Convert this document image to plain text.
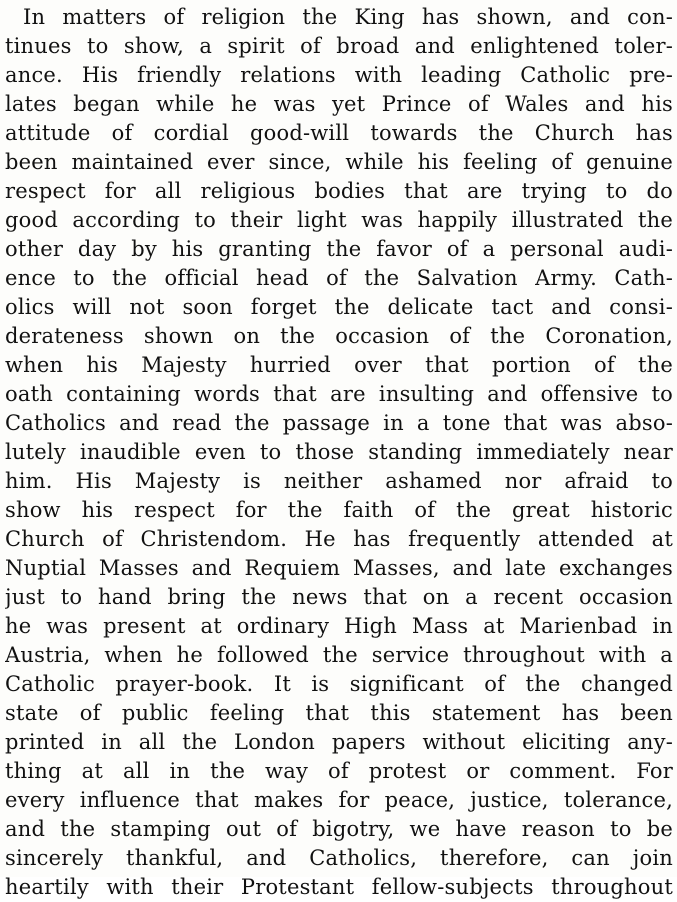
In matters of religion the King has shown, and con-
tinues to show, a spirit of broad and enlightened toler-
ance. His friendly relations with leading Catholic pre-
lates began while he was yet Prince of Wales and his
attitude of cordial good-will towards the Church has
been maintained ever since, while his feeling of genuine
respect for all religious bodies that are trying to do
good according to their light was happily illustrated the
other day by his granting the favor of a personal audi-
ence to the official head of the Salvation Army. Cath-
olics will not soon forget the delicate tact and consi-
derateness shown on the occasion of the Coronation,
when his Majesty hurried over that portion of the
oath containing words that are insulting and offensive to
Catholics and read the passage in a tone that was abso-
lutely inaudible even to those standing immediately near
him. His Majesty is neither ashamed nor afraid to
show his respect for the faith of the great historic
Church of Christendom. He has frequently attended at
Nuptial Masses and Requiem Masses, and late exchanges
just to hand bring the news that on a recent occasion
he was present at ordinary High Mass at Marienbad in
Austria, when he followed the service throughout with a
Catholic prayer-book. It is significant of the changed
state of public feeling that this statement has been
printed in all the London papers without eliciting any-
thing at all in the way of protest or comment. For
every influence that makes for peace, justice, tolerance,
and the stamping out of bigotry, we have reason to be
sincerely thankful, and Catholics, therefore, can join
heartily with their Protestant fellow-subjects throughout
